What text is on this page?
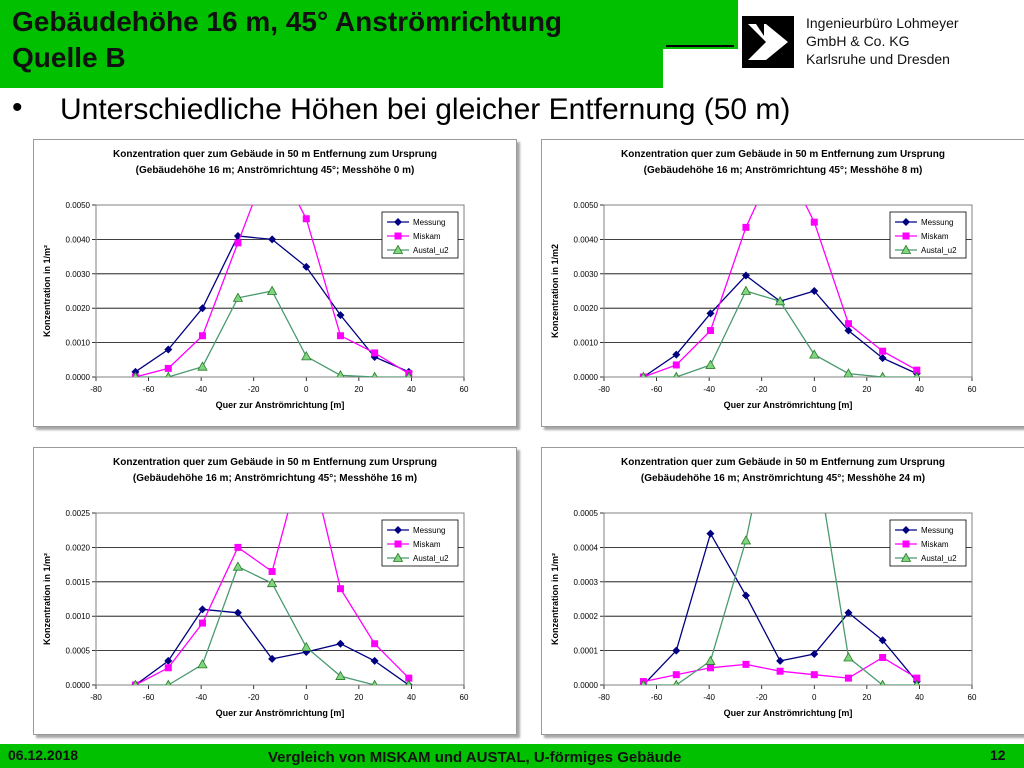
Gebäudehöhe 16 m, 45° Anströmrichtung
Quelle B
Ingenieurbüro Lohmeyer
GmbH & Co. KG
Karlsruhe und Dresden
• Unterschiedliche Höhen bei gleicher Entfernung (50 m)
Konzentration quer zum Gebäude in 50 m Entfernung zum Ursprung
(Gebäudehöhe 16 m; Anströmrichtung 45°; Messhöhe 0 m)
0.0000
0.0010
0.0020
0.0030
0.0040
0.0050
-80	-60	-40	-20	0	20	40	60
Quer zur Anströmrichtung [m]
Konzentration in 1/m²
Messung
Miskam
Austal_u2
Konzentration quer zum Gebäude in 50 m Entfernung zum Ursprung
(Gebäudehöhe 16 m; Anströmrichtung 45°; Messhöhe 8 m)
0.0000
0.0010
0.0020
0.0030
0.0040
0.0050
-80	-60	-40	-20	0	20	40	60
Quer zur Anströmrichtung [m]
Konzentration in 1/m2
Messung
Miskam
Austal_u2
Konzentration quer zum Gebäude in 50 m Entfernung zum Ursprung
(Gebäudehöhe 16 m; Anströmrichtung 45°; Messhöhe 16 m)
0.0000
0.0005
0.0010
0.0015
0.0020
0.0025
-80	-60	-40	-20	0	20	40	60
Quer zur Anströmrichtung [m]
Konzentration in 1/m²
Messung
Miskam
Austal_u2
Konzentration quer zum Gebäude in 50 m Entfernung zum Ursprung
(Gebäudehöhe 16 m; Anströmrichtung 45°; Messhöhe 24 m)
0.0000
0.0001
0.0002
0.0003
0.0004
0.0005
-80	-60	-40	-20	0	20	40	60
Quer zur Anströmrichtung [m]
Konzentration in 1/m²
Messung
Miskam
Austal_u2
06.12.2018	Vergleich von MISKAM und AUSTAL, U-förmiges Gebäude	12
